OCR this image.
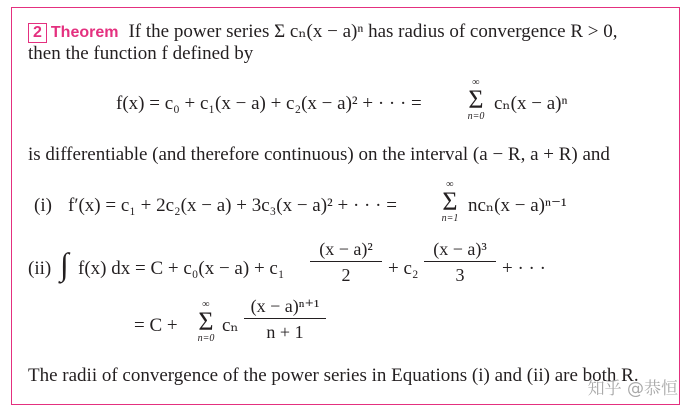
2 Theorem If the power series Σ cₙ(x − a)ⁿ has radius of convergence R > 0,
then the function f defined by
f(x) = c₀ + c₁(x − a) + c₂(x − a)² + · · · =
∞
Σ
n=0
cₙ(x − a)ⁿ
is differentiable (and therefore continuous) on the interval (a − R, a + R) and
(i) f′(x) = c₁ + 2c₂(x − a) + 3c₃(x − a)² + · · · =
∞
Σ
n=1
ncₙ(x − a)ⁿ⁻¹
(ii) ∫ f(x) dx = $C + c_0(x - a) + c_1 \frac{\text{(x − a)²}}{2} + c_2 \frac{\text{(x − a)³}}{3}$ + · · ·
= C +
∞
Σ
n=0
cₙ $\frac{\text{(x − a)ⁿ⁺¹}}{n + 1}$
The radii of convergence of the power series in Equations (i) and (ii) are both R.
知乎 @恭恒
